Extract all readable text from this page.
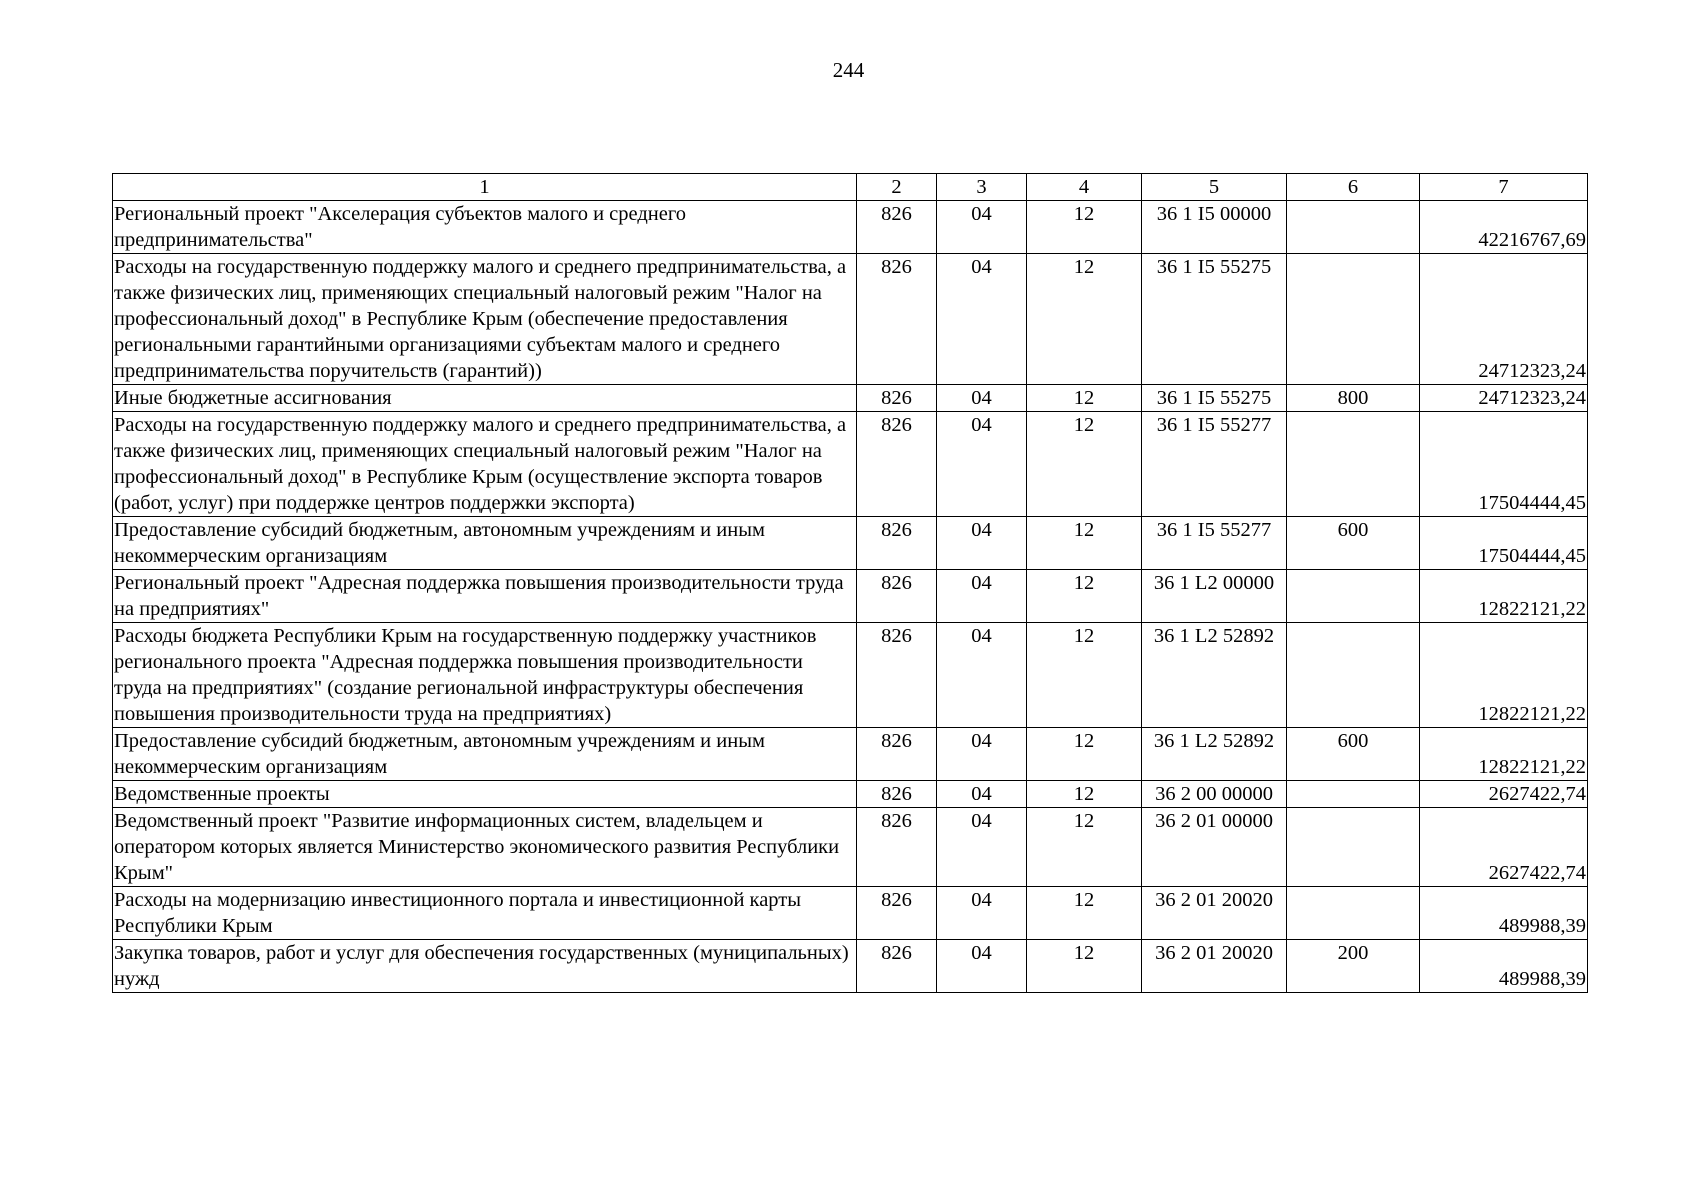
244
1	2	3	4	5	6	7
Региональный проект "Акселерация субъектов малого и среднего предпринимательства"	826	04	12	36 1 I5 00000		42216767,69
Расходы на государственную поддержку малого и среднего предпринимательства, а также физических лиц, применяющих специальный налоговый режим "Налог на профессиональный доход" в Республике Крым (обеспечение предоставления региональными гарантийными организациями субъектам малого и среднего предпринимательства поручительств (гарантий))	826	04	12	36 1 I5 55275		24712323,24
Иные бюджетные ассигнования	826	04	12	36 1 I5 55275	800	24712323,24
Расходы на государственную поддержку малого и среднего предпринимательства, а также физических лиц, применяющих специальный налоговый режим "Налог на профессиональный доход" в Республике Крым (осуществление экспорта товаров (работ, услуг) при поддержке центров поддержки экспорта)	826	04	12	36 1 I5 55277		17504444,45
Предоставление субсидий бюджетным, автономным учреждениям и иным некоммерческим организациям	826	04	12	36 1 I5 55277	600	17504444,45
Региональный проект "Адресная поддержка повышения производительности труда на предприятиях"	826	04	12	36 1 L2 00000		12822121,22
Расходы бюджета Республики Крым на государственную поддержку участников регионального проекта "Адресная поддержка повышения производительности труда на предприятиях" (создание региональной инфраструктуры обеспечения повышения производительности труда на предприятиях)	826	04	12	36 1 L2 52892		12822121,22
Предоставление субсидий бюджетным, автономным учреждениям и иным некоммерческим организациям	826	04	12	36 1 L2 52892	600	12822121,22
Ведомственные проекты	826	04	12	36 2 00 00000		2627422,74
Ведомственный проект "Развитие информационных систем, владельцем и оператором которых является Министерство экономического развития Республики Крым"	826	04	12	36 2 01 00000		2627422,74
Расходы на модернизацию инвестиционного портала и инвестиционной карты Республики Крым	826	04	12	36 2 01 20020		489988,39
Закупка товаров, работ и услуг для обеспечения государственных (муниципальных) нужд	826	04	12	36 2 01 20020	200	489988,39
